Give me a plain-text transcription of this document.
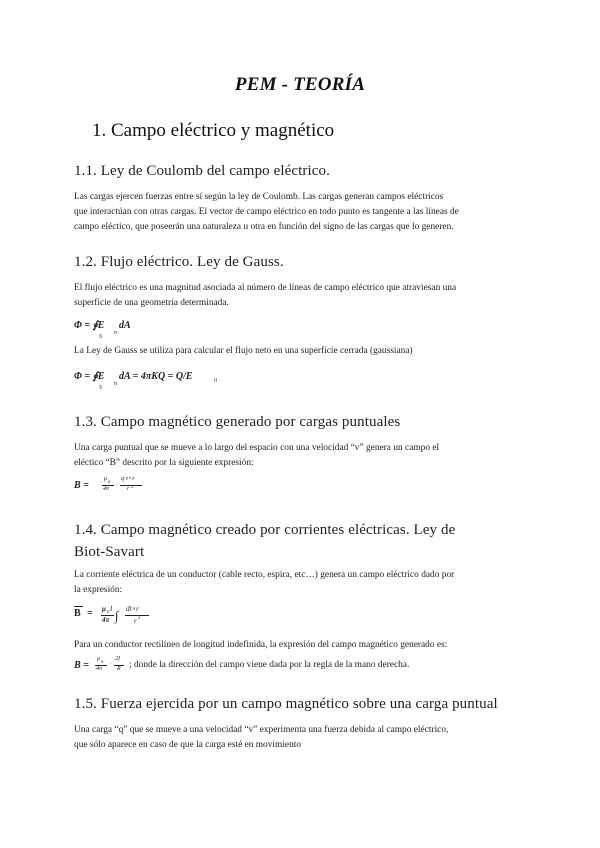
PEM - TEORÍA
1. Campo eléctrico y magnético
1.1. Ley de Coulomb del campo eléctrico.
Las cargas ejercen fuerzas entre sí según la ley de Coulomb. Las cargas generan campos eléctricos
que interactúan con otras cargas. El vector de campo eléctrico en todo punto es tangente a las líneas de
campo eléctico, que poseerán una naturaleza u otra en función del signo de las cargas que lo generen.
1.2. Flujo eléctrico. Ley de Gauss.
El flujo eléctrico es una magnitud asociada al número de líneas de campo eléctrico que atraviesan una
superficie de una geometría determinada.
Φ = ∮E
n
S
dA
La Ley de Gauss se utiliza para calcular el flujo neto en una superficie cerrada (gaussiana)
Φ = ∮E
n
S
dA = 4πKQ = Q/E	0
1.3. Campo magnético generado por cargas puntuales
Una carga puntual que se mueve a lo largo del espacio con una velocidad “v” genera un campo el
eléctico “B” descrito por la siguiente expresión:
B =
μ 0
4π
·
q v×r
r 2
1.4. Campo magnético creado por corrientes eléctricas. Ley de
Biot-Savart
La corriente eléctrica de un conductor (cable recto, espira, etc…) genera un campo eléctrico dado por
la expresión:
B = μ 0 I
4π ∫ dl×r
r 2
Para un conductor rectilíneo de longitud indefinida, la expresión del campo magnético generado es:
B =
μ 0
4π
·
2I
R ; donde la dirección del campo viene dada por la regla de la mano derecha.
1.5. Fuerza ejercida por un campo magnético sobre una carga puntual
Una carga “q” que se mueve a una velocidad “v” experimenta una fuerza debida al campo eléctrico,
que sólo aparece en caso de que la carga esté en movimiento
